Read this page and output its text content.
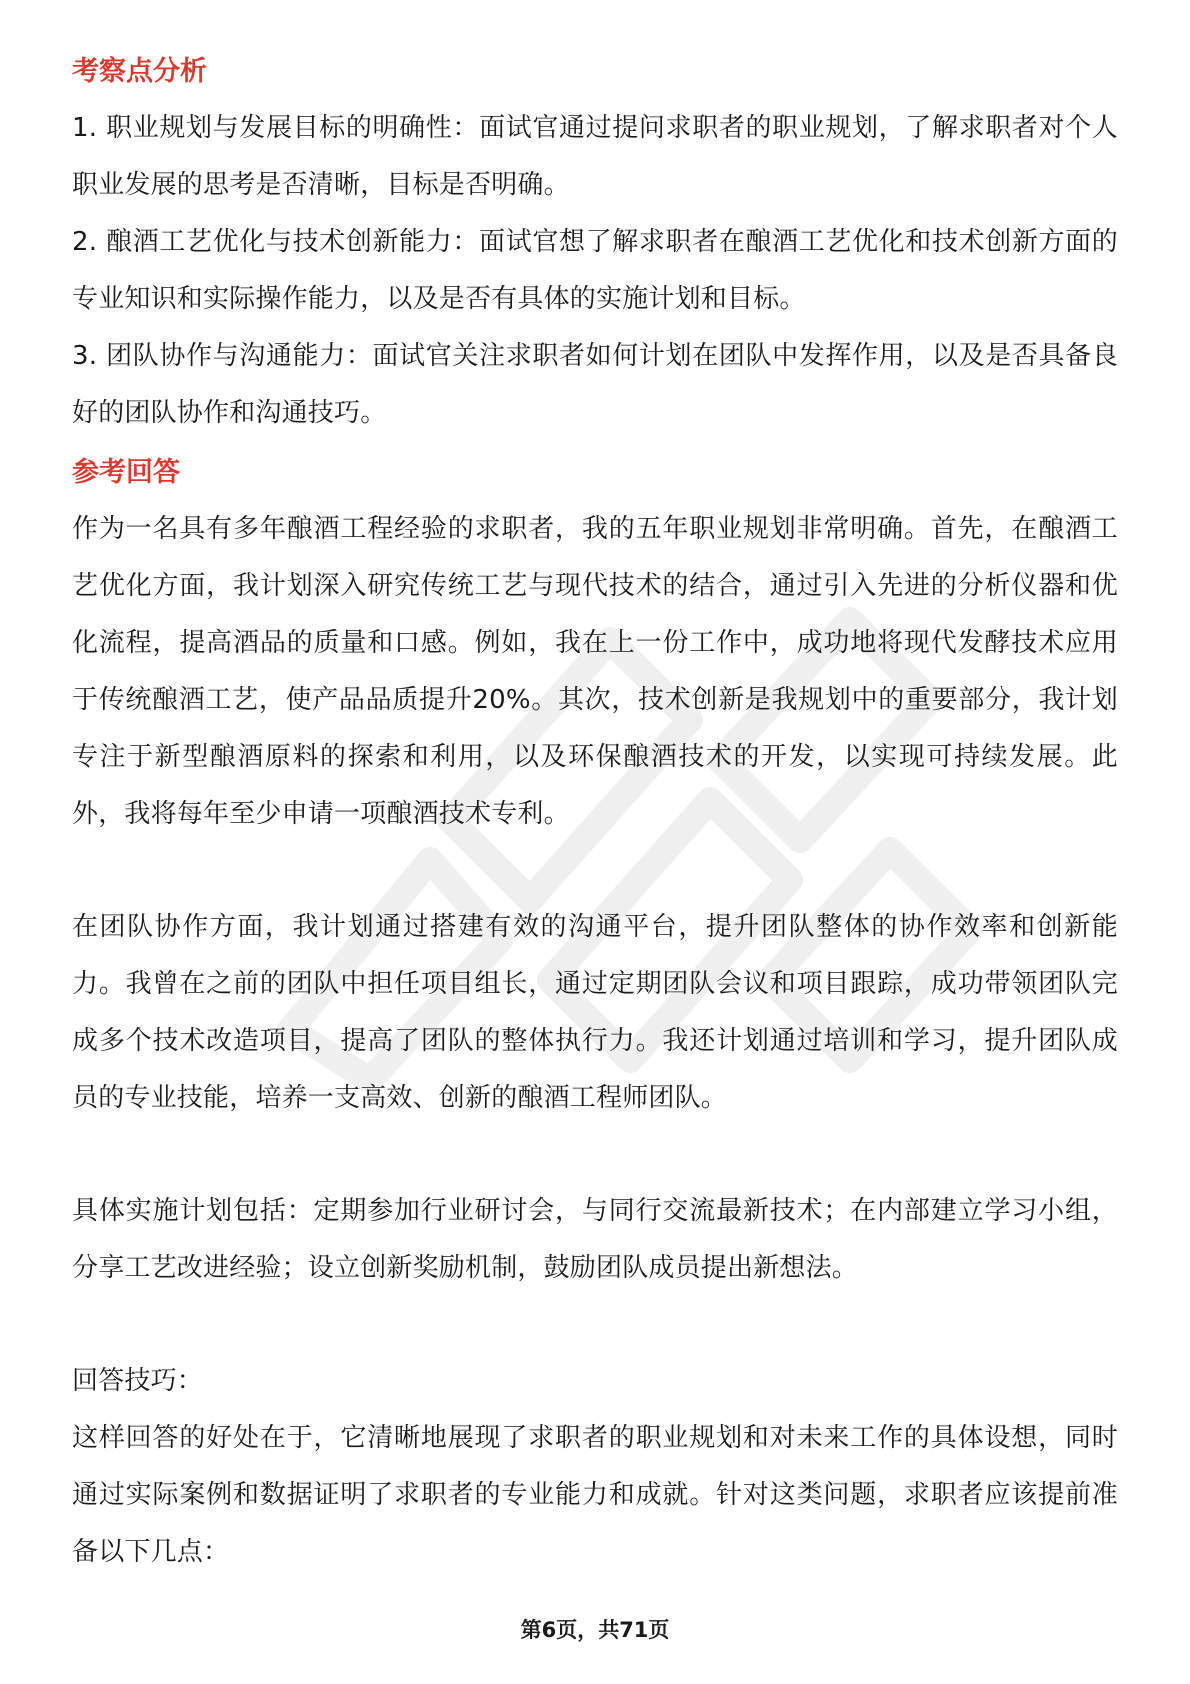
考察点分析

1. 职业规划与发展目标的明确性：面试官通过提问求职者的职业规划，了解求职者对个人职业发展的思考是否清晰，目标是否明确。

2. 酿酒工艺优化与技术创新能力：面试官想了解求职者在酿酒工艺优化和技术创新方面的专业知识和实际操作能力，以及是否有具体的实施计划和目标。

3. 团队协作与沟通能力：面试官关注求职者如何计划在团队中发挥作用，以及是否具备良好的团队协作和沟通技巧。

参考回答

作为一名具有多年酿酒工程经验的求职者，我的五年职业规划非常明确。首先，在酿酒工艺优化方面，我计划深入研究传统工艺与现代技术的结合，通过引入先进的分析仪器和优化流程，提高酒品的质量和口感。例如，我在上一份工作中，成功地将现代发酵技术应用于传统酿酒工艺，使产品品质提升20%。其次，技术创新是我规划中的重要部分，我计划专注于新型酿酒原料的探索和利用，以及环保酿酒技术的开发，以实现可持续发展。此外，我将每年至少申请一项酿酒技术专利。

在团队协作方面，我计划通过搭建有效的沟通平台，提升团队整体的协作效率和创新能力。我曾在之前的团队中担任项目组长，通过定期团队会议和项目跟踪，成功带领团队完成多个技术改造项目，提高了团队的整体执行力。我还计划通过培训和学习，提升团队成员的专业技能，培养一支高效、创新的酿酒工程师团队。

具体实施计划包括：定期参加行业研讨会，与同行交流最新技术；在内部建立学习小组，分享工艺改进经验；设立创新奖励机制，鼓励团队成员提出新想法。

回答技巧：

这样回答的好处在于，它清晰地展现了求职者的职业规划和对未来工作的具体设想，同时通过实际案例和数据证明了求职者的专业能力和成就。针对这类问题，求职者应该提前准备以下几点：

第6页，共71页
